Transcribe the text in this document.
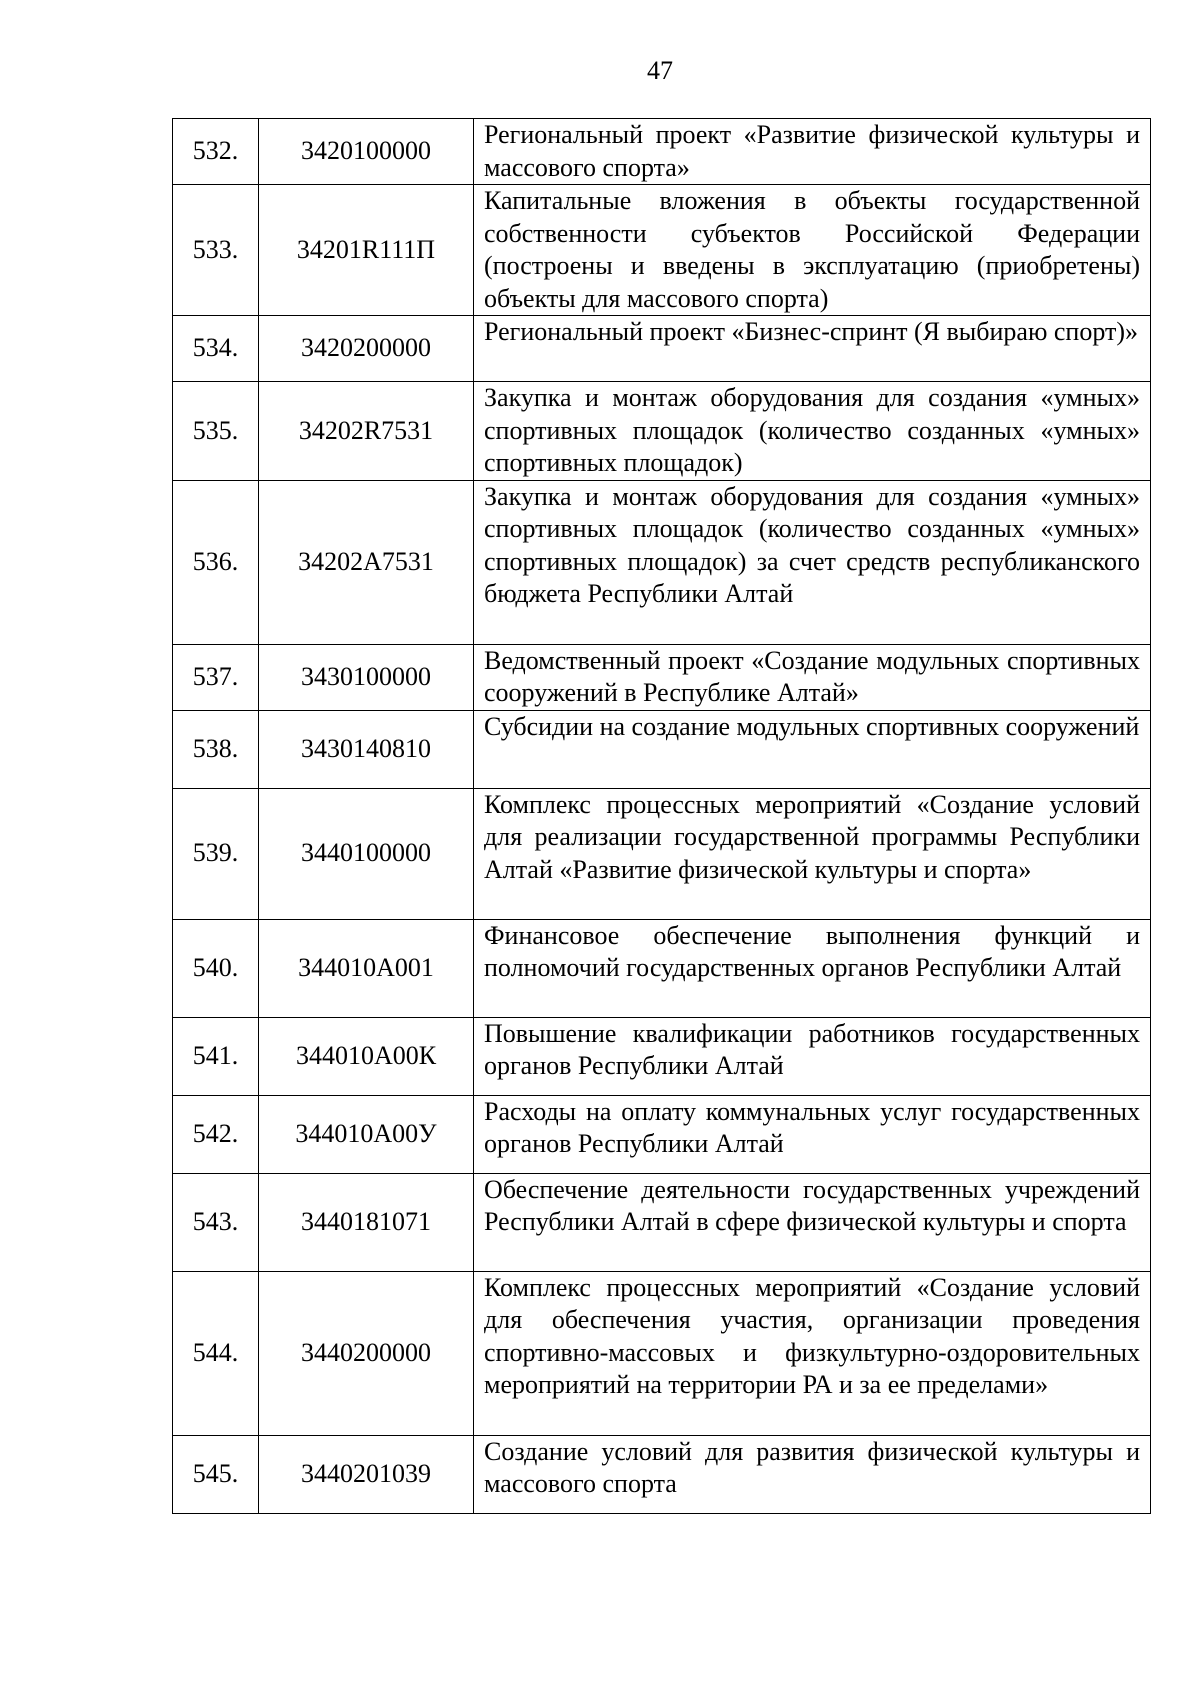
47
532.	3420100000	Региональный проект «Развитие физической культуры и массового спорта»

533.	34201R111П	Капитальные вложения в объекты государственной собственности субъектов Российской Федерации (построены и введены в эксплуатацию (приобретены) объекты для массового спорта)

534.	3420200000	Региональный проект «Бизнес-спринт (Я выбираю спорт)»

535.	34202R7531	Закупка и монтаж оборудования для создания «умных» спортивных площадок (количество созданных «умных» спортивных площадок)

536.	34202A7531	Закупка и монтаж оборудования для создания «умных» спортивных площадок (количество созданных «умных» спортивных площадок) за счет средств республиканского бюджета Республики Алтай

537.	3430100000	Ведомственный проект «Создание модульных спортивных сооружений в Республике Алтай»

538.	3430140810	Субсидии на создание модульных спортивных сооружений

539.	3440100000	Комплекс процессных мероприятий «Создание условий для реализации государственной программы Республики Алтай «Развитие физической культуры и спорта»

540.	344010A001	Финансовое обеспечение выполнения функций и полномочий государственных органов Республики Алтай

541.	344010A00К	Повышение квалификации работников государственных органов Республики Алтай

542.	344010A00У	Расходы на оплату коммунальных услуг государственных органов Республики Алтай

543.	3440181071	Обеспечение деятельности государственных учреждений Республики Алтай в сфере физической культуры и спорта

544.	3440200000	Комплекс процессных мероприятий «Создание условий для обеспечения участия, организации проведения спортивно-массовых и физкультурно-оздоровительных мероприятий на территории РА и за ее пределами»

545.	3440201039	Создание условий для развития физической культуры и массового спорта
